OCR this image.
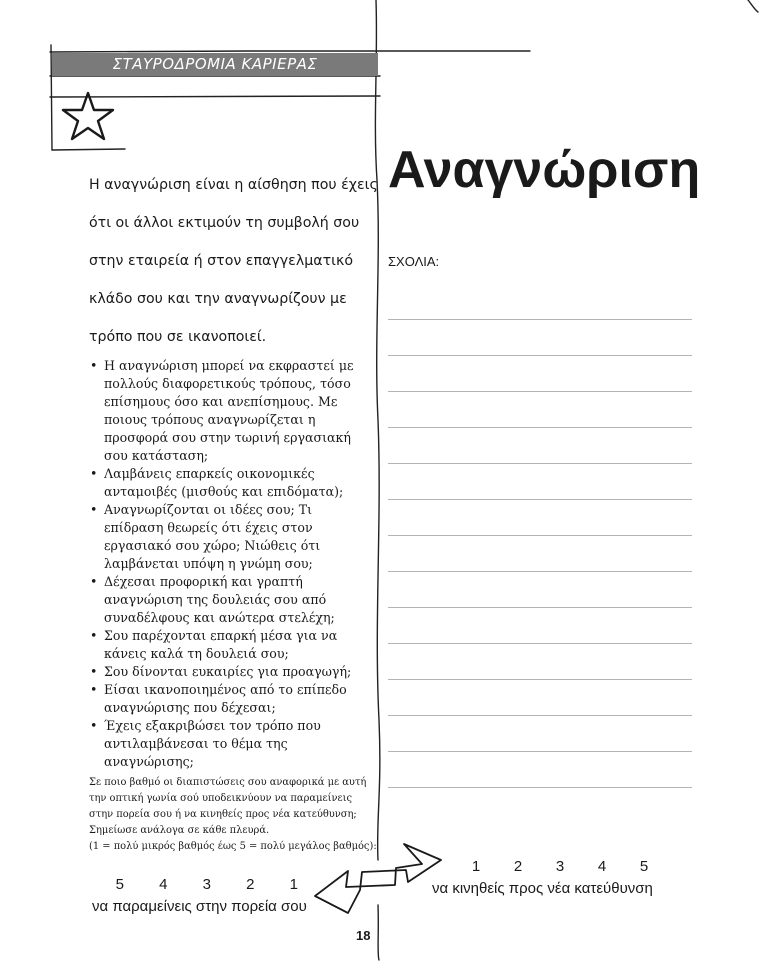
ΣΤΑΥΡΟΔΡΟΜΙΑ ΚΑΡΙΕΡΑΣ
Αναγνώριση
Η αναγνώριση είναι η αίσθηση που έχεις
ότι οι άλλοι εκτιμούν τη συμβολή σου
στην εταιρεία ή στον επαγγελματικό
κλάδο σου και την αναγνωρίζουν με
τρόπο που σε ικανοποιεί.
• Η αναγνώριση μπορεί να εκφραστεί με πολλούς διαφορετικούς τρόπους, τόσο επίσημους όσο και ανεπίσημους. Με ποιους τρόπους αναγνωρίζεται η προσφορά σου στην τωρινή εργασιακή σου κατάσταση;
• Λαμβάνεις επαρκείς οικονομικές ανταμοιβές (μισθούς και επιδόματα);
• Αναγνωρίζονται οι ιδέες σου; Τι επίδραση θεωρείς ότι έχεις στον εργασιακό σου χώρο; Νιώθεις ότι λαμβάνεται υπόψη η γνώμη σου;
• Δέχεσαι προφορική και γραπτή αναγνώριση της δουλειάς σου από συναδέλφους και ανώτερα στελέχη;
• Σου παρέχονται επαρκή μέσα για να κάνεις καλά τη δουλειά σου;
• Σου δίνονται ευκαιρίες για προαγωγή;
• Είσαι ικανοποιημένος από το επίπεδο αναγνώρισης που δέχεσαι;
• Έχεις εξακριβώσει τον τρόπο που αντιλαμβάνεσαι το θέμα της αναγνώρισης;
Σε ποιο βαθμό οι διαπιστώσεις σου αναφορικά με αυτή την οπτική γωνία σού υποδεικνύουν να παραμείνεις στην πορεία σου ή να κινηθείς προς νέα κατεύθυνση; Σημείωσε ανάλογα σε κάθε πλευρά.
(1 = πολύ μικρός βαθμός έως 5 = πολύ μεγάλος βαθμός):
ΣΧΟΛΙΑ:
1 2 3 4 5
να κινηθείς προς νέα κατεύθυνση
5 4 3 2 1
να παραμείνεις στην πορεία σου
18
